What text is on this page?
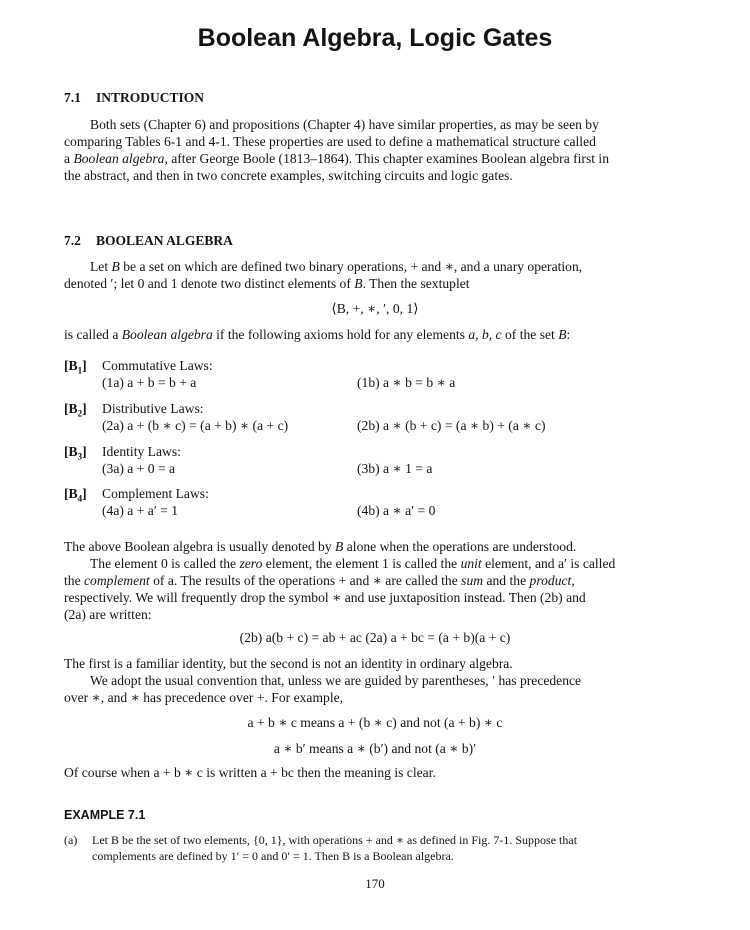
Boolean Algebra, Logic Gates
7.1 INTRODUCTION
Both sets (Chapter 6) and propositions (Chapter 4) have similar properties, as may be seen by
comparing Tables 6-1 and 4-1. These properties are used to define a mathematical structure called
a Boolean algebra, after George Boole (1813–1864). This chapter examines Boolean algebra first in
the abstract, and then in two concrete examples, switching circuits and logic gates.
7.2 BOOLEAN ALGEBRA
Let B be a set on which are defined two binary operations, + and ∗, and a unary operation,
denoted ′; let 0 and 1 denote two distinct elements of B. Then the sextuplet
⟨B, +, ∗, ′, 0, 1⟩
is called a Boolean algebra if the following axioms hold for any elements a, b, c of the set B:
$[B_1]$ Commutative Laws:
(1a) a + b = b + a	(1b) a ∗ b = b ∗ a
$[B_2]$ Distributive Laws:
(2a) a + (b ∗ c) = (a + b) ∗ (a + c)	(2b) a ∗ (b + c) = (a ∗ b) + (a ∗ c)
$[B_3]$ Identity Laws:
(3a) a + 0 = a	(3b) a ∗ 1 = a
$[B_4]$ Complement Laws:
(4a) a + a′ = 1	(4b) a ∗ a′ = 0
The above Boolean algebra is usually denoted by B alone when the operations are understood.
The element 0 is called the zero element, the element 1 is called the unit element, and a′ is called
the complement of a. The results of the operations + and ∗ are called the sum and the product,
respectively. We will frequently drop the symbol ∗ and use juxtaposition instead. Then (2b) and
(2a) are written:
(2b) a(b + c) = ab + ac (2a) a + bc = (a + b)(a + c)
The first is a familiar identity, but the second is not an identity in ordinary algebra.
We adopt the usual convention that, unless we are guided by parentheses, ′ has precedence
over ∗, and ∗ has precedence over +. For example,
a + b ∗ c means a + (b ∗ c) and not (a + b) ∗ c
a ∗ b′ means a ∗ (b′) and not (a ∗ b)′
Of course when a + b ∗ c is written a + bc then the meaning is clear.
EXAMPLE 7.1
(a) Let B be the set of two elements, {0, 1}, with operations + and ∗ as defined in Fig. 7-1. Suppose that
complements are defined by 1′ = 0 and 0′ = 1. Then B is a Boolean algebra.
170
